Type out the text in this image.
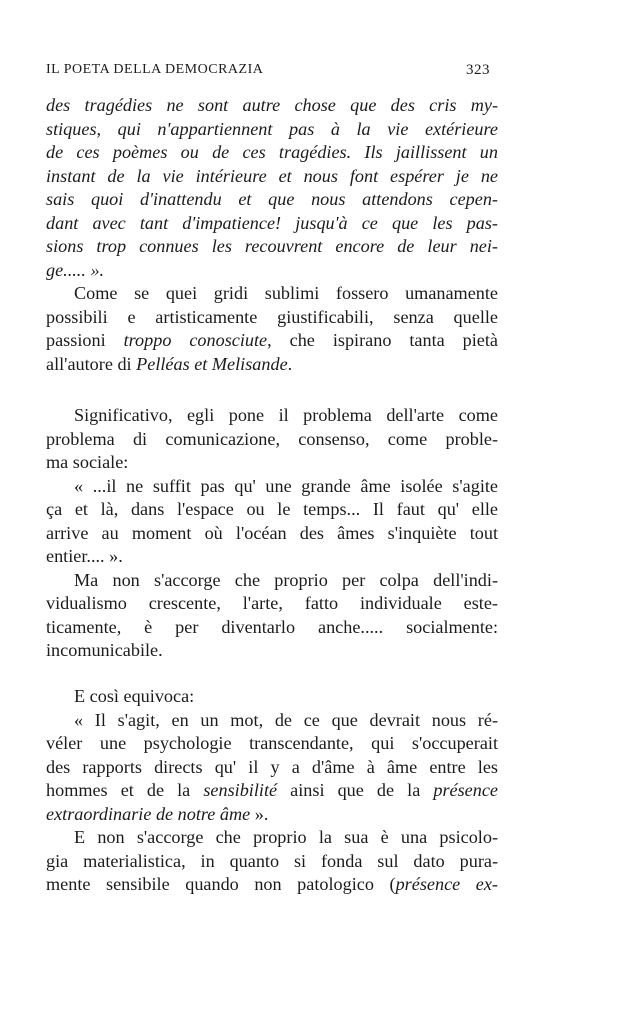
IL POETA DELLA DEMOCRAZIA	323
des tragédies ne sont autre chose que des cris my-
stiques, qui n'appartiennent pas à la vie extérieure
de ces poèmes ou de ces tragédies. Ils jaillissent un
instant de la vie intérieure et nous font espérer je ne
sais quoi d'inattendu et que nous attendons cepen-
dant avec tant d'impatience! jusqu'à ce que les pas-
sions trop connues les recouvrent encore de leur nei-
ge..... ».
Come se quei gridi sublimi fossero umanamente
possibili e artisticamente giustificabili, senza quelle
passioni troppo conosciute, che ispirano tanta pietà
all'autore di Pelléas et Melisande.
Significativo, egli pone il problema dell'arte come
problema di comunicazione, consenso, come proble-
ma sociale:
« ...il ne suffit pas qu' une grande âme isolée s'agite
ça et là, dans l'espace ou le temps... Il faut qu' elle
arrive au moment où l'océan des âmes s'inquiète tout
entier.... ».
Ma non s'accorge che proprio per colpa dell'indi-
vidualismo crescente, l'arte, fatto individuale este-
ticamente, è per diventarlo anche..... socialmente:
incomunicabile.
E così equivoca:
« Il s'agit, en un mot, de ce que devrait nous ré-
véler une psychologie transcendante, qui s'occuperait
des rapports directs qu' il y a d'âme à âme entre les
hommes et de la sensibilité ainsi que de la présence
extraordinarie de notre âme ».
E non s'accorge che proprio la sua è una psicolo-
gia materialistica, in quanto si fonda sul dato pura-
mente sensibile quando non patologico (présence ex-
